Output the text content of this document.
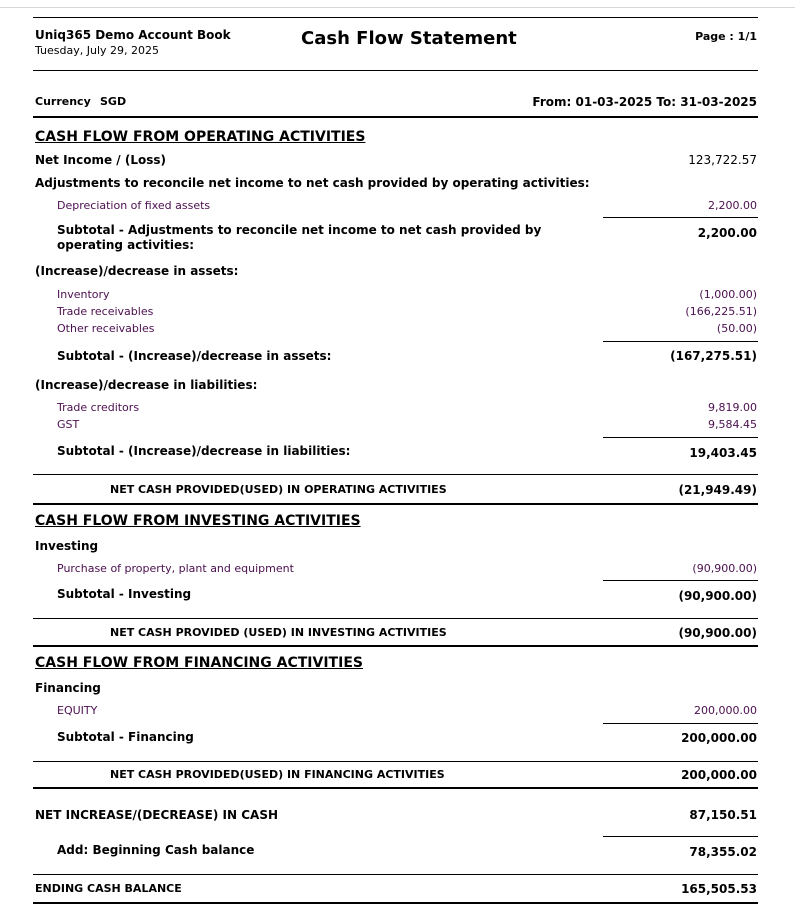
Uniq365 Demo Account Book
Tuesday, July 29, 2025
Cash Flow Statement	Page : 1/1
Currency SGD	From: 01-03-2025 To: 31-03-2025
CASH FLOW FROM OPERATING ACTIVITIES
Net Income / (Loss)	123,722.57
Adjustments to reconcile net income to net cash provided by operating activities:
Depreciation of fixed assets	2,200.00
Subtotal - Adjustments to reconcile net income to net cash provided by
operating activities:
2,200.00
(Increase)/decrease in assets:
Inventory	(1,000.00)
Trade receivables	(166,225.51)
Other receivables	(50.00)
Subtotal - (Increase)/decrease in assets:	(167,275.51)
(Increase)/decrease in liabilities:
Trade creditors	9,819.00
GST	9,584.45
Subtotal - (Increase)/decrease in liabilities:	19,403.45
NET CASH PROVIDED(USED) IN OPERATING ACTIVITIES	(21,949.49)
CASH FLOW FROM INVESTING ACTIVITIES
Investing
Purchase of property, plant and equipment	(90,900.00)
Subtotal - Investing	(90,900.00)
NET CASH PROVIDED (USED) IN INVESTING ACTIVITIES	(90,900.00)
CASH FLOW FROM FINANCING ACTIVITIES
Financing
EQUITY	200,000.00
Subtotal - Financing	200,000.00
NET CASH PROVIDED(USED) IN FINANCING ACTIVITIES	200,000.00
NET INCREASE/(DECREASE) IN CASH	87,150.51
Add: Beginning Cash balance	78,355.02
ENDING CASH BALANCE	165,505.53
